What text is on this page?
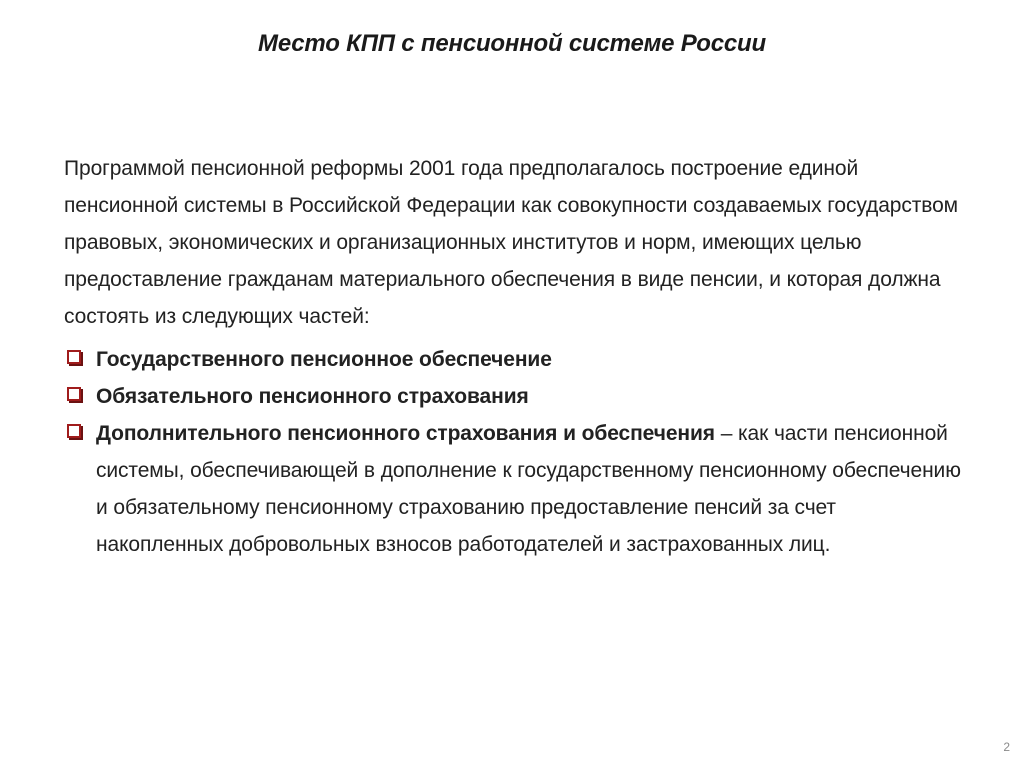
Место КПП с пенсионной системе России

Программой пенсионной реформы 2001 года предполагалось построение единой пенсионной системы в Российской Федерации как совокупности создаваемых государством правовых, экономических и организационных институтов и норм, имеющих целью предоставление гражданам материального обеспечения в виде пенсии, и которая должна состоять из следующих частей:

Государственного пенсионное обеспечение
Обязательного пенсионного страхования
Дополнительного пенсионного страхования и обеспечения – как части пенсионной системы, обеспечивающей в дополнение к государственному пенсионному обеспечению и обязательному пенсионному страхованию предоставление пенсий за счет накопленных добровольных взносов работодателей и застрахованных лиц.
2
